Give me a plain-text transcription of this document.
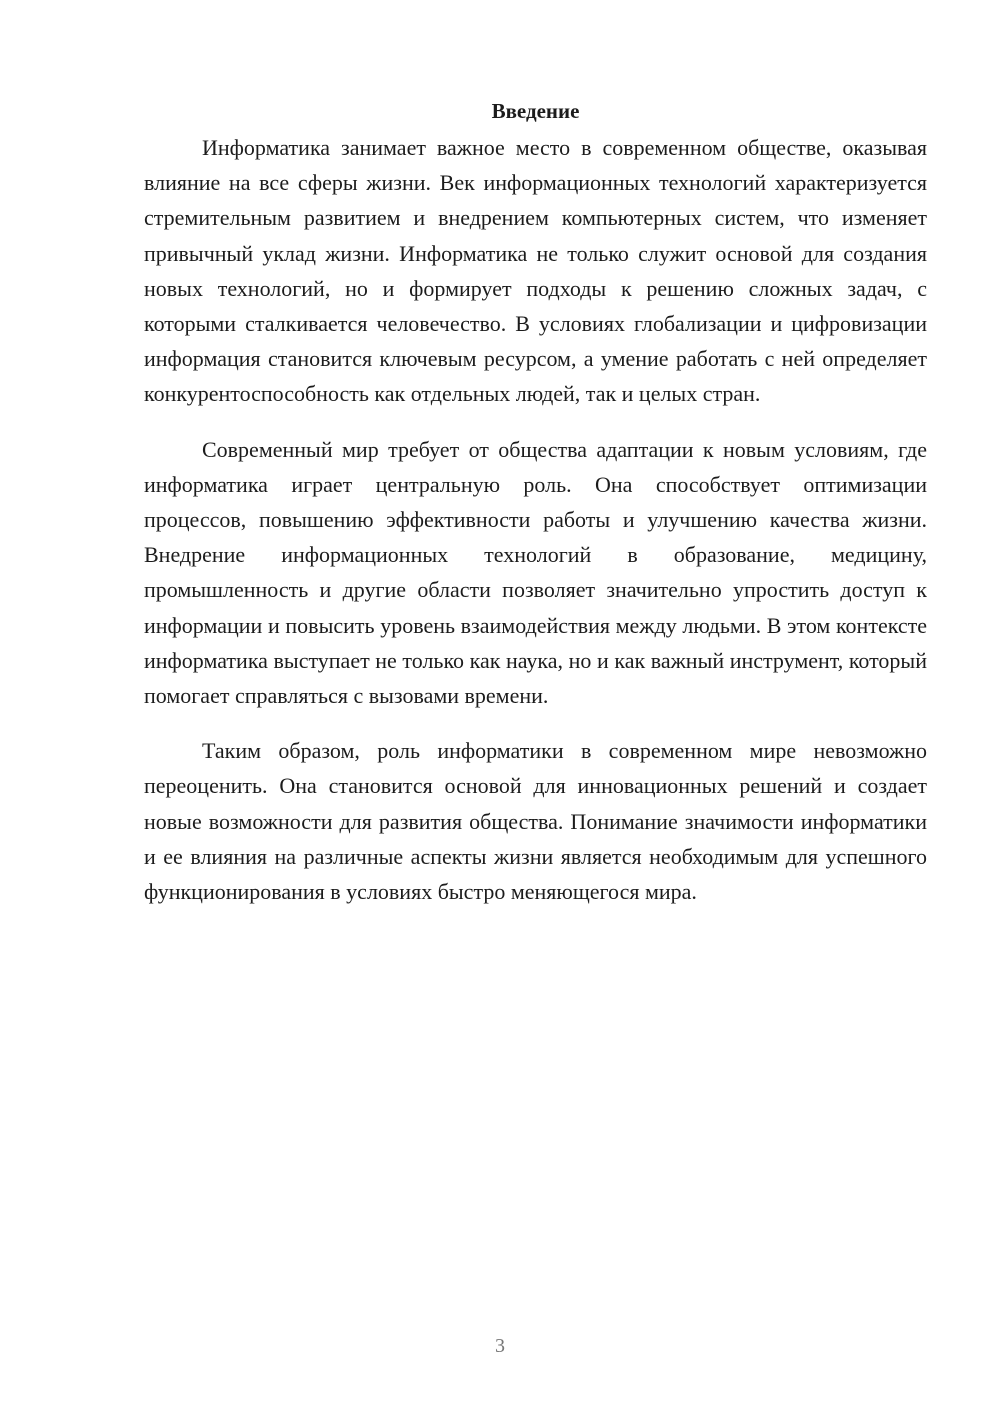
Введение

Информатика занимает важное место в современном обществе, оказывая влияние на все сферы жизни. Век информационных технологий характеризуется стремительным развитием и внедрением компьютерных систем, что изменяет привычный уклад жизни. Информатика не только служит основой для создания новых технологий, но и формирует подходы к решению сложных задач, с которыми сталкивается человечество. В условиях глобализации и цифровизации информация становится ключевым ресурсом, а умение работать с ней определяет конкурентоспособность как отдельных людей, так и целых стран.

Современный мир требует от общества адаптации к новым условиям, где информатика играет центральную роль. Она способствует оптимизации процессов, повышению эффективности работы и улучшению качества жизни. Внедрение информационных технологий в образование, медицину, промышленность и другие области позволяет значительно упростить доступ к информации и повысить уровень взаимодействия между людьми. В этом контексте информатика выступает не только как наука, но и как важный инструмент, который помогает справляться с вызовами времени.

Таким образом, роль информатики в современном мире невозможно переоценить. Она становится основой для инновационных решений и создает новые возможности для развития общества. Понимание значимости информатики и ее влияния на различные аспекты жизни является необходимым для успешного функционирования в условиях быстро меняющегося мира.

3
